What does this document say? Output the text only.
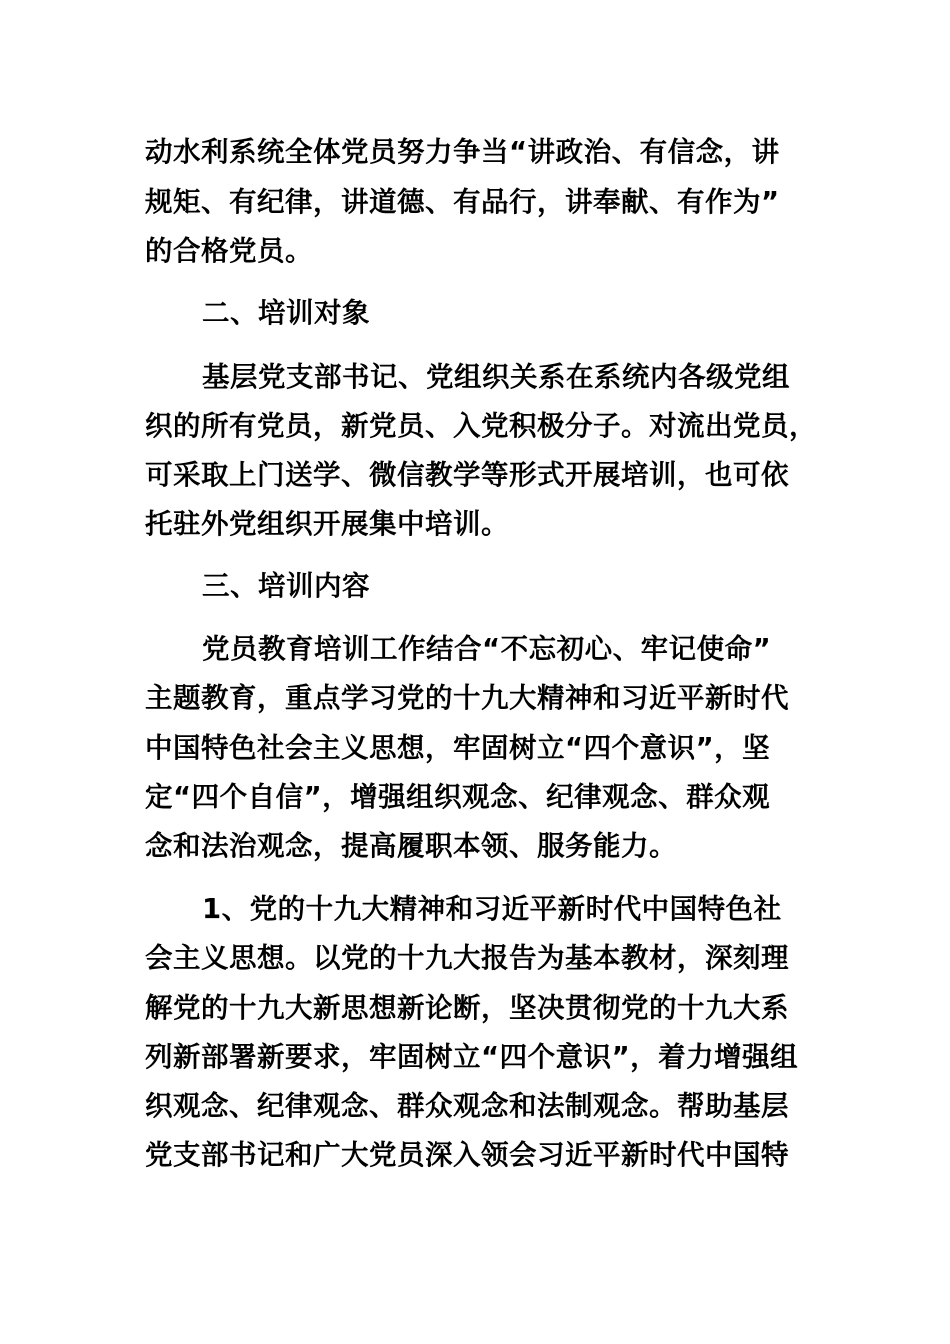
动水利系统全体党员努力争当“讲政治、有信念，讲
规矩、有纪律，讲道德、有品行，讲奉献、有作为”
的合格党员。
二、培训对象
基层党支部书记、党组织关系在系统内各级党组
织的所有党员，新党员、入党积极分子。对流出党员，
可采取上门送学、微信教学等形式开展培训，也可依
托驻外党组织开展集中培训。
三、培训内容
党员教育培训工作结合“不忘初心、牢记使命”
主题教育，重点学习党的十九大精神和习近平新时代
中国特色社会主义思想，牢固树立“四个意识”，坚
定“四个自信”，增强组织观念、纪律观念、群众观
念和法治观念，提高履职本领、服务能力。
1、党的十九大精神和习近平新时代中国特色社
会主义思想。以党的十九大报告为基本教材，深刻理
解党的十九大新思想新论断，坚决贯彻党的十九大系
列新部署新要求，牢固树立“四个意识”，着力增强组
织观念、纪律观念、群众观念和法制观念。帮助基层
党支部书记和广大党员深入领会习近平新时代中国特
